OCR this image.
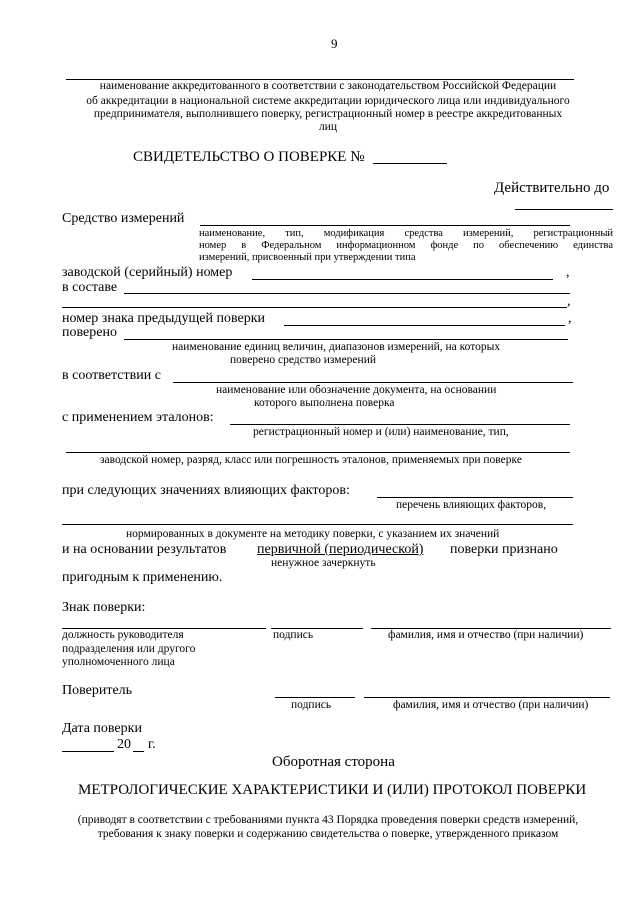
9
наименование аккредитованного в соответствии с законодательством Российской Федерации
об аккредитации в национальной системе аккредитации юридического лица или индивидуального
предпринимателя, выполнившего поверку, регистрационный номер в реестре аккредитованных
лиц
СВИДЕТЕЛЬСТВО О ПОВЕРКЕ №
Действительно до
Средство измерений
наименование, тип, модификация средства измерений, регистрационный
номер в Федеральном информационном фонде по обеспечению единства
измерений, присвоенный при утверждении типа
заводской (серийный) номер	,
в составе
,
номер знака предыдущей поверки	,
поверено
наименование единиц величин, диапазонов измерений, на которых
поверено средство измерений
в соответствии с
наименование или обозначение документа, на основании
которого выполнена поверка
с применением эталонов:
регистрационный номер и (или) наименование, тип,
заводской номер, разряд, класс или погрешность эталонов, применяемых при поверке
при следующих значениях влияющих факторов:
перечень влияющих факторов,
нормированных в документе на методику поверки, с указанием их значений
и на основании результатов первичной (периодической) поверки признано
ненужное зачеркнуть
пригодным к применению.
Знак поверки:
должность руководителя
подразделения или другого
уполномоченного лица
подпись	фамилия, имя и отчество (при наличии)
Поверитель
подпись	фамилия, имя и отчество (при наличии)
Дата поверки
20 г.
Оборотная сторона
МЕТРОЛОГИЧЕСКИЕ ХАРАКТЕРИСТИКИ И (ИЛИ) ПРОТОКОЛ ПОВЕРКИ
(приводят в соответствии с требованиями пункта 43 Порядка проведения поверки средств измерений,
требования к знаку поверки и содержанию свидетельства о поверке, утвержденного приказом
